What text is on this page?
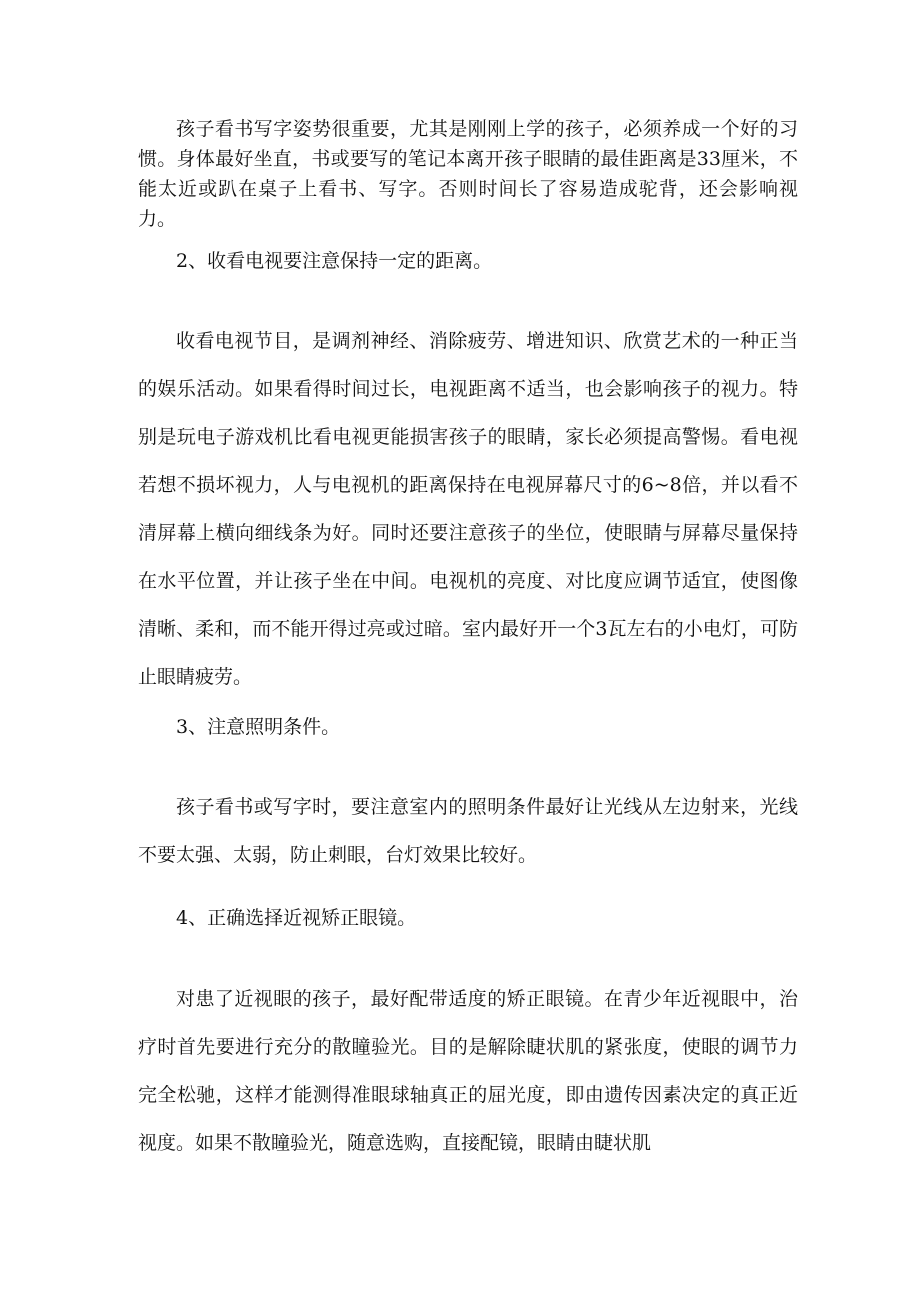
孩子看书写字姿势很重要，尤其是刚刚上学的孩子，必须养成一个好的习惯。身体最好坐直，书或要写的笔记本离开孩子眼睛的最佳距离是33厘米，不能太近或趴在桌子上看书、写字。否则时间长了容易造成驼背，还会影响视力。

2、收看电视要注意保持一定的距离。

收看电视节目，是调剂神经、消除疲劳、增进知识、欣赏艺术的一种正当的娱乐活动。如果看得时间过长，电视距离不适当，也会影响孩子的视力。特别是玩电子游戏机比看电视更能损害孩子的眼睛，家长必须提高警惕。看电视若想不损坏视力，人与电视机的距离保持在电视屏幕尺寸的6~8倍，并以看不清屏幕上横向细线条为好。同时还要注意孩子的坐位，使眼睛与屏幕尽量保持在水平位置，并让孩子坐在中间。电视机的亮度、对比度应调节适宜，使图像清晰、柔和，而不能开得过亮或过暗。室内最好开一个3瓦左右的小电灯，可防止眼睛疲劳。

3、注意照明条件。

孩子看书或写字时，要注意室内的照明条件最好让光线从左边射来，光线不要太强、太弱，防止刺眼，台灯效果比较好。

4、正确选择近视矫正眼镜。

对患了近视眼的孩子，最好配带适度的矫正眼镜。在青少年近视眼中，治疗时首先要进行充分的散瞳验光。目的是解除睫状肌的紧张度，使眼的调节力完全松驰，这样才能测得准眼球轴真正的屈光度，即由遗传因素决定的真正近视度。如果不散瞳验光，随意选购，直接配镜，眼睛由睫状肌
